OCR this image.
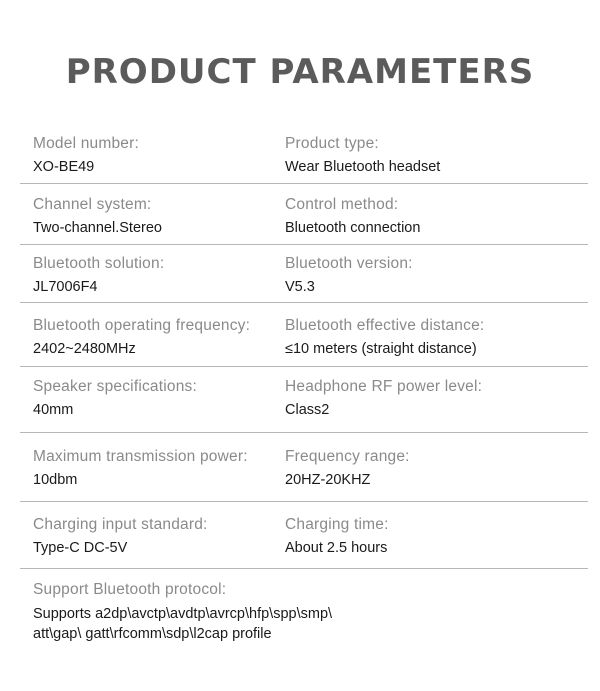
PRODUCT PARAMETERS
Model number:
XO-BE49
Product type:
Wear Bluetooth headset
Channel system:
Two-channel.Stereo
Control method:
Bluetooth connection
Bluetooth solution:
JL7006F4
Bluetooth version:
V5.3
Bluetooth operating frequency:
2402~2480MHz
Bluetooth effective distance:
≤10 meters (straight distance)
Speaker specifications:
40mm
Headphone RF power level:
Class2
Maximum transmission power:
10dbm
Frequency range:
20HZ-20KHZ
Charging input standard:
Type-C DC-5V
Charging time:
About 2.5 hours
Support Bluetooth protocol:
Supports a2dp\avctp\avdtp\avrcp\hfp\spp\smp\
att\gap\ gatt\rfcomm\sdp\l2cap profile
